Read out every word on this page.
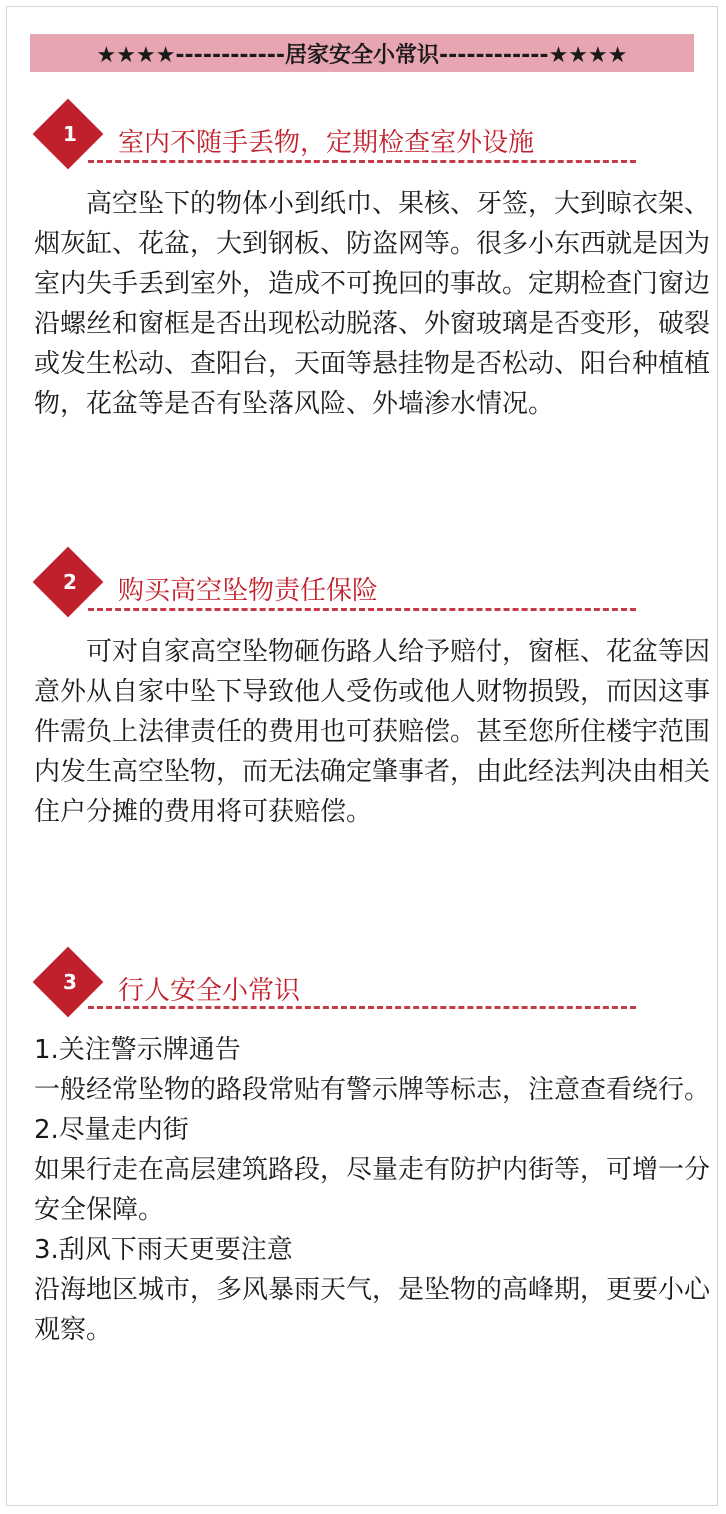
★★★★------------居家安全小常识------------★★★★
1	室内不随手丢物，定期检查室外设施

高空坠下的物体小到纸巾、果核、牙签，大到晾衣架、烟灰缸、花盆，大到钢板、防盗网等。很多小东西就是因为室内失手丢到室外，造成不可挽回的事故。定期检查门窗边沿螺丝和窗框是否出现松动脱落、外窗玻璃是否变形，破裂或发生松动、查阳台，天面等悬挂物是否松动、阳台种植植物，花盆等是否有坠落风险、外墙渗水情况。

2	购买高空坠物责任保险

可对自家高空坠物砸伤路人给予赔付，窗框、花盆等因意外从自家中坠下导致他人受伤或他人财物损毁，而因这事件需负上法律责任的费用也可获赔偿。甚至您所住楼宇范围内发生高空坠物，而无法确定肇事者，由此经法判决由相关住户分摊的费用将可获赔偿。

3	行人安全小常识
1.关注警示牌通告
一般经常坠物的路段常贴有警示牌等标志，注意查看绕行。
2.尽量走内街
如果行走在高层建筑路段，尽量走有防护内街等，可增一分安全保障。
3.刮风下雨天更要注意
沿海地区城市，多风暴雨天气，是坠物的高峰期，更要小心观察。
